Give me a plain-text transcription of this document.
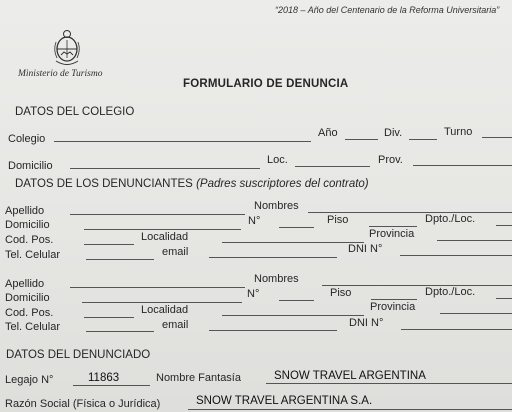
“2018 – Año del Centenario de la Reforma Universitaria”
Ministerio de Turismo
FORMULARIO DE DENUNCIA
DATOS DEL COLEGIO
Colegio	Año	Div.	Turno
Domicilio	Loc.	Prov.
DATOS DE LOS DENUNCIANTES (Padres suscriptores del contrato)
Apellido	Nombres
Domicilio	N°	Piso	Dpto./Loc.
Cod. Pos.	Localidad	Provincia
Tel. Celular	email	DNI N°
Apellido	Nombres
Domicilio	N°	Piso	Dpto./Loc.
Cod. Pos.	Localidad	Provincia
Tel. Celular	email	DNI N°
DATOS DEL DENUNCIADO
Legajo N°	11863	Nombre Fantasía	SNOW TRAVEL ARGENTINA
Razón Social (Física o Jurídica)	SNOW TRAVEL ARGENTINA S.A.
